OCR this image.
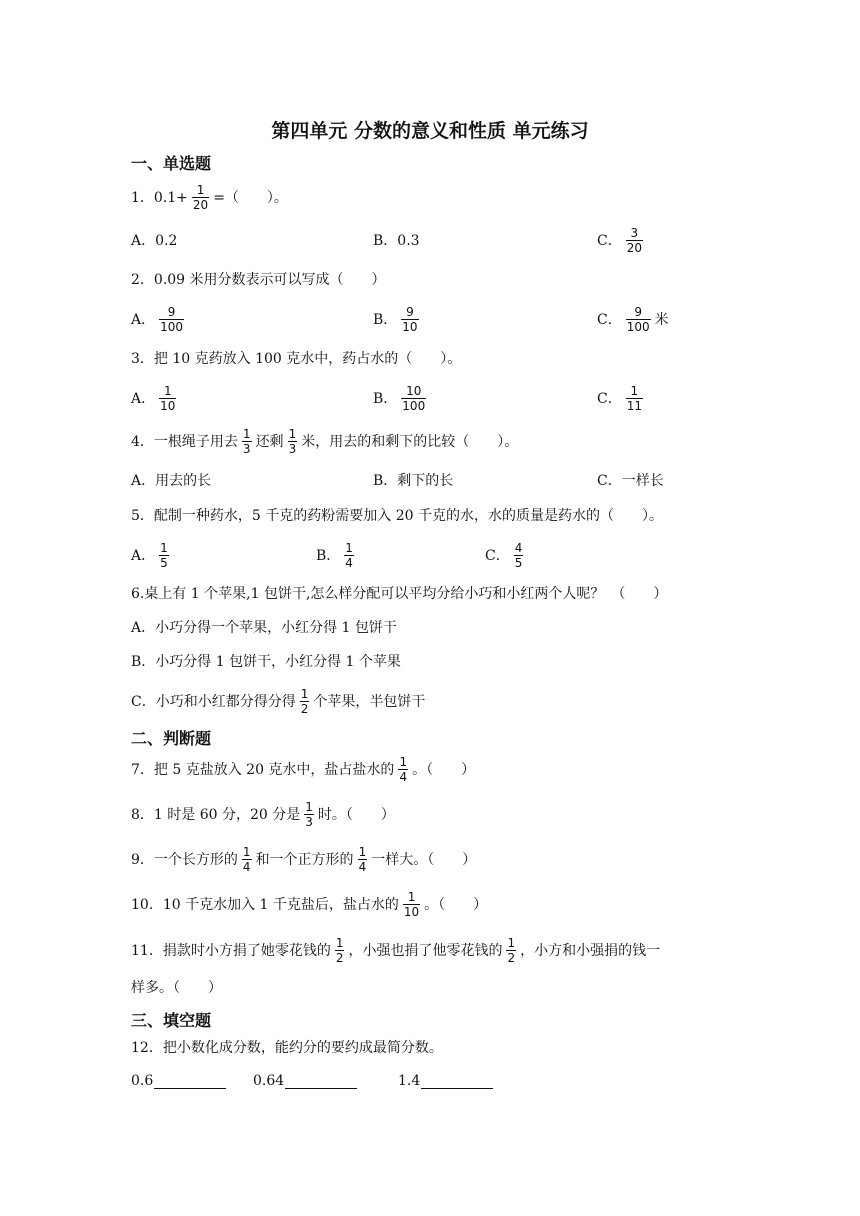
第四单元 分数的意义和性质 单元练习
一、单选题
1．$0.1+ \frac{1}{20}$ =（　　）。
A．0.2	B．0.3	C． $\frac{3}{20}$
2．0.09 米用分数表示可以写成（　　）
A． $\frac{9}{100}$	B． $\frac{9}{10}$	C． $\frac{9}{100}$ 米
3．把 10 克药放入 100 克水中，药占水的（　　）。
A． $\frac{1}{10}$	B． $\frac{10}{100}$	C． $\frac{1}{11}$
4．一根绳子用去 $\frac{1}{3}$ 还剩 $\frac{1}{3}$ 米，用去的和剩下的比较（　　）。
A．用去的长	B．剩下的长	C．一样长
5．配制一种药水，5 千克的药粉需要加入 20 千克的水，水的质量是药水的（　　）。
A． $\frac{1}{5}$	B． $\frac{1}{4}$	C． $\frac{4}{5}$
6.桌上有 1 个苹果,1 包饼干,怎么样分配可以平均分给小巧和小红两个人呢？　（　　）
A．小巧分得一个苹果，小红分得 1 包饼干
B．小巧分得 1 包饼干，小红分得 1 个苹果
C．小巧和小红都分得分得 $\frac{1}{2}$ 个苹果，半包饼干
二、判断题
7．把 5 克盐放入 20 克水中，盐占盐水的 $\frac{1}{4}$ 。（　　）
8．1 时是 60 分，20 分是 $\frac{1}{3}$ 时。（　　）
9．一个长方形的 $\frac{1}{4}$ 和一个正方形的 $\frac{1}{4}$ 一样大。（　　）
10．10 千克水加入 1 千克盐后，盐占水的 $\frac{1}{10}$ 。（　　）
11．捐款时小方捐了她零花钱的 $\frac{1}{2}$ ，小强也捐了他零花钱的 $\frac{1}{2}$ ，小方和小强捐的钱一
样多。（　　）
三、填空题
12．把小数化成分数，能约分的要约成最简分数。
0.6	0.64	1.4
